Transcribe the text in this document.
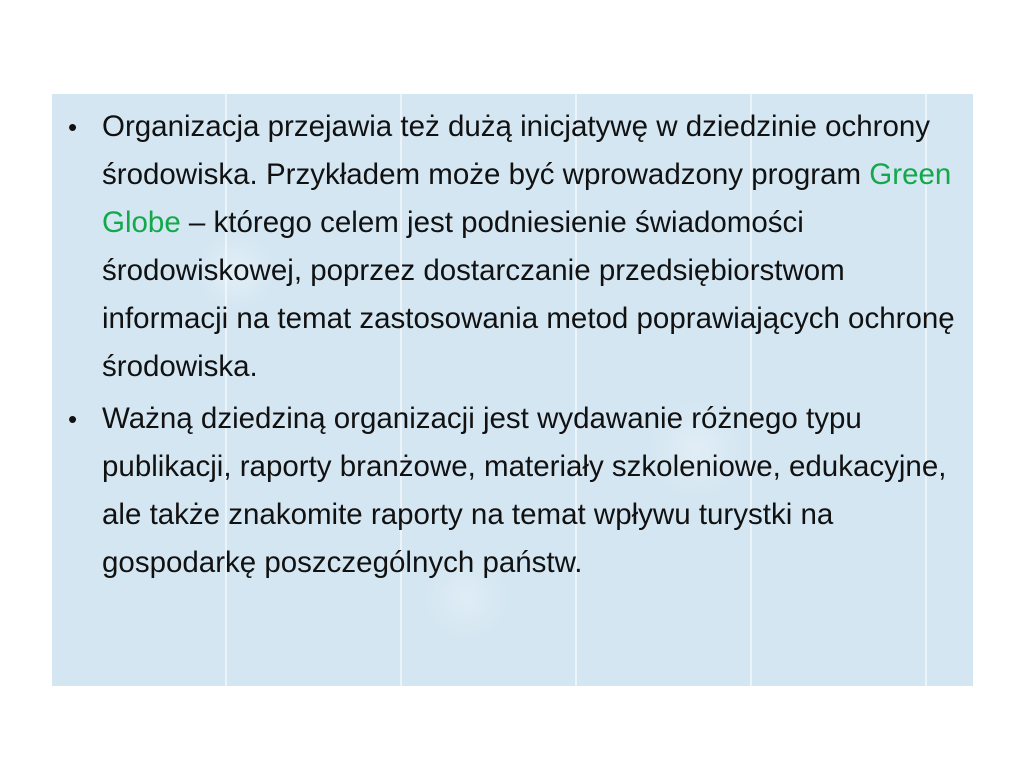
• Organizacja przejawia też dużą inicjatywę w dziedzinie ochrony środowiska. Przykładem może być wprowadzony program Green Globe – którego celem jest podniesienie świadomości środowiskowej, poprzez dostarczanie przedsiębiorstwom informacji na temat zastosowania metod poprawiających ochronę środowiska.
• Ważną dziedziną organizacji jest wydawanie różnego typu publikacji, raporty branżowe, materiały szkoleniowe, edukacyjne, ale także znakomite raporty na temat wpływu turystki na gospodarkę poszczególnych państw.
